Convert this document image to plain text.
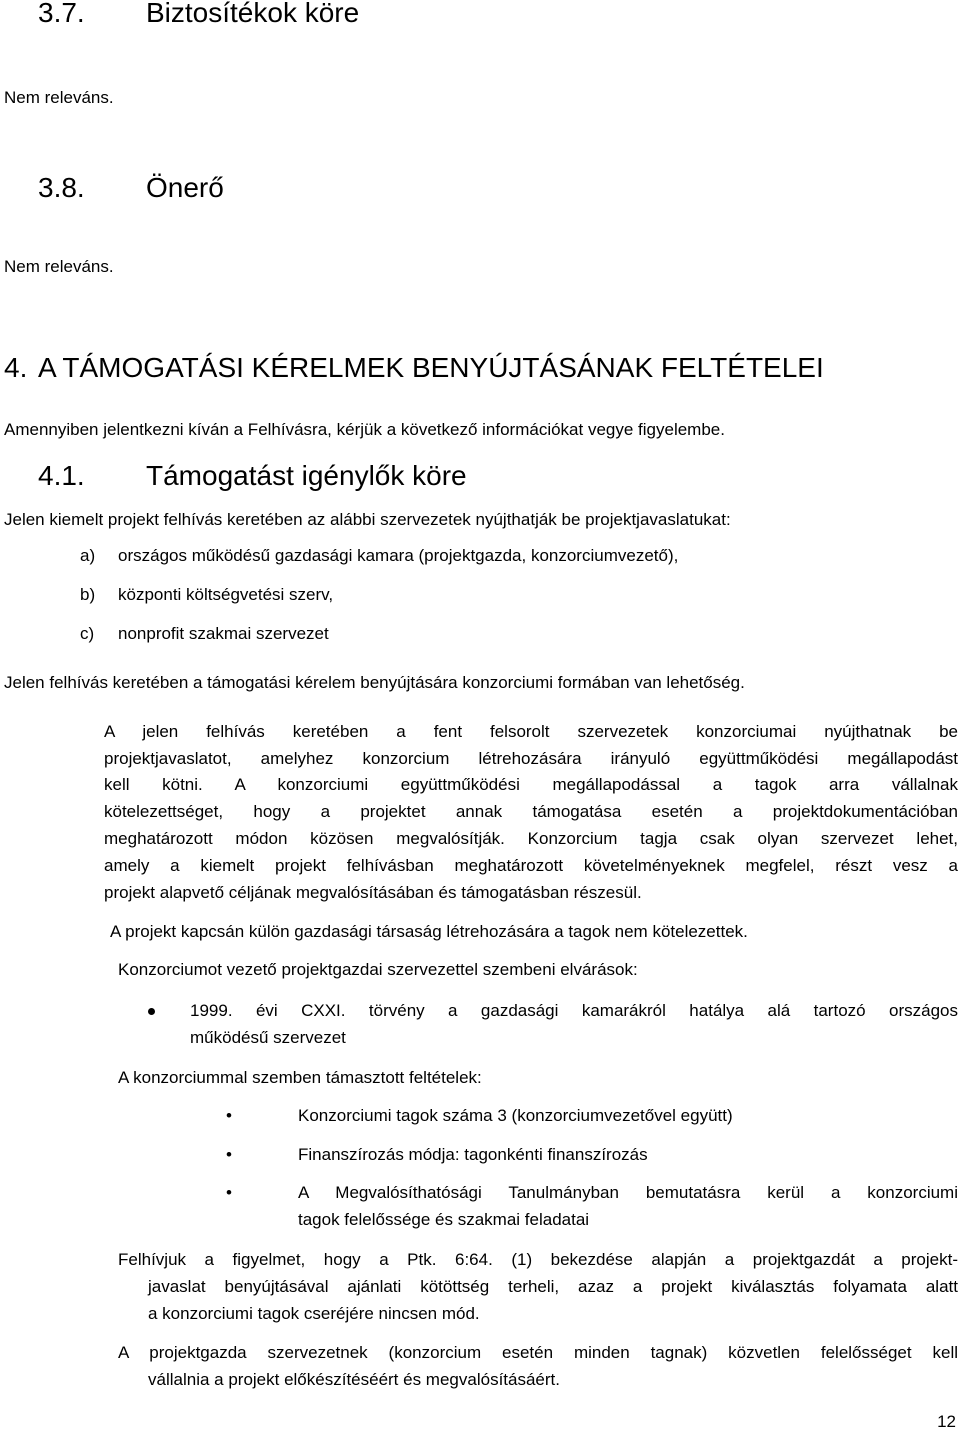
3.7. Biztosítékok köre
Nem releváns.
3.8. Önerő
Nem releváns.
4. A TÁMOGATÁSI KÉRELMEK BENYÚJTÁSÁNAK FELTÉTELEI
Amennyiben jelentkezni kíván a Felhívásra, kérjük a következő információkat vegye figyelembe.
4.1. Támogatást igénylők köre
Jelen kiemelt projekt felhívás keretében az alábbi szervezetek nyújthatják be projektjavaslatukat:
a) országos működésű gazdasági kamara (projektgazda, konzorciumvezető),
b) központi költségvetési szerv,
c) nonprofit szakmai szervezet
Jelen felhívás keretében a támogatási kérelem benyújtására konzorciumi formában van lehetőség.
A jelen felhívás keretében a fent felsorolt szervezetek konzorciumai nyújthatnak be
projektjavaslatot, amelyhez konzorcium létrehozására irányuló együttműködési megállapodást
kell kötni. A konzorciumi együttműködési megállapodással a tagok arra vállalnak
kötelezettséget, hogy a projektet annak támogatása esetén a projektdokumentációban
meghatározott módon közösen megvalósítják. Konzorcium tagja csak olyan szervezet lehet,
amely a kiemelt projekt felhívásban meghatározott követelményeknek megfelel, részt vesz a
projekt alapvető céljának megvalósításában és támogatásban részesül.
A projekt kapcsán külön gazdasági társaság létrehozására a tagok nem kötelezettek.
Konzorciumot vezető projektgazdai szervezettel szembeni elvárások:
1999. évi CXXI. törvény a gazdasági kamarákról hatálya alá tartozó országos
működésű szervezet
A konzorciummal szemben támasztott feltételek:
•	Konzorciumi tagok száma 3 (konzorciumvezetővel együtt)
•	Finanszírozás módja: tagonkénti finanszírozás
•	A Megvalósíthatósági Tanulmányban bemutatásra kerül a konzorciumi
tagok felelőssége és szakmai feladatai
Felhívjuk a figyelmet, hogy a Ptk. 6:64. (1) bekezdése alapján a projektgazdát a projekt-
javaslat benyújtásával ajánlati kötöttség terheli, azaz a projekt kiválasztás folyamata alatt
a konzorciumi tagok cseréjére nincsen mód.
A projektgazda szervezetnek (konzorcium esetén minden tagnak) közvetlen felelősséget kell
vállalnia a projekt előkészítéséért és megvalósításáért.
12
